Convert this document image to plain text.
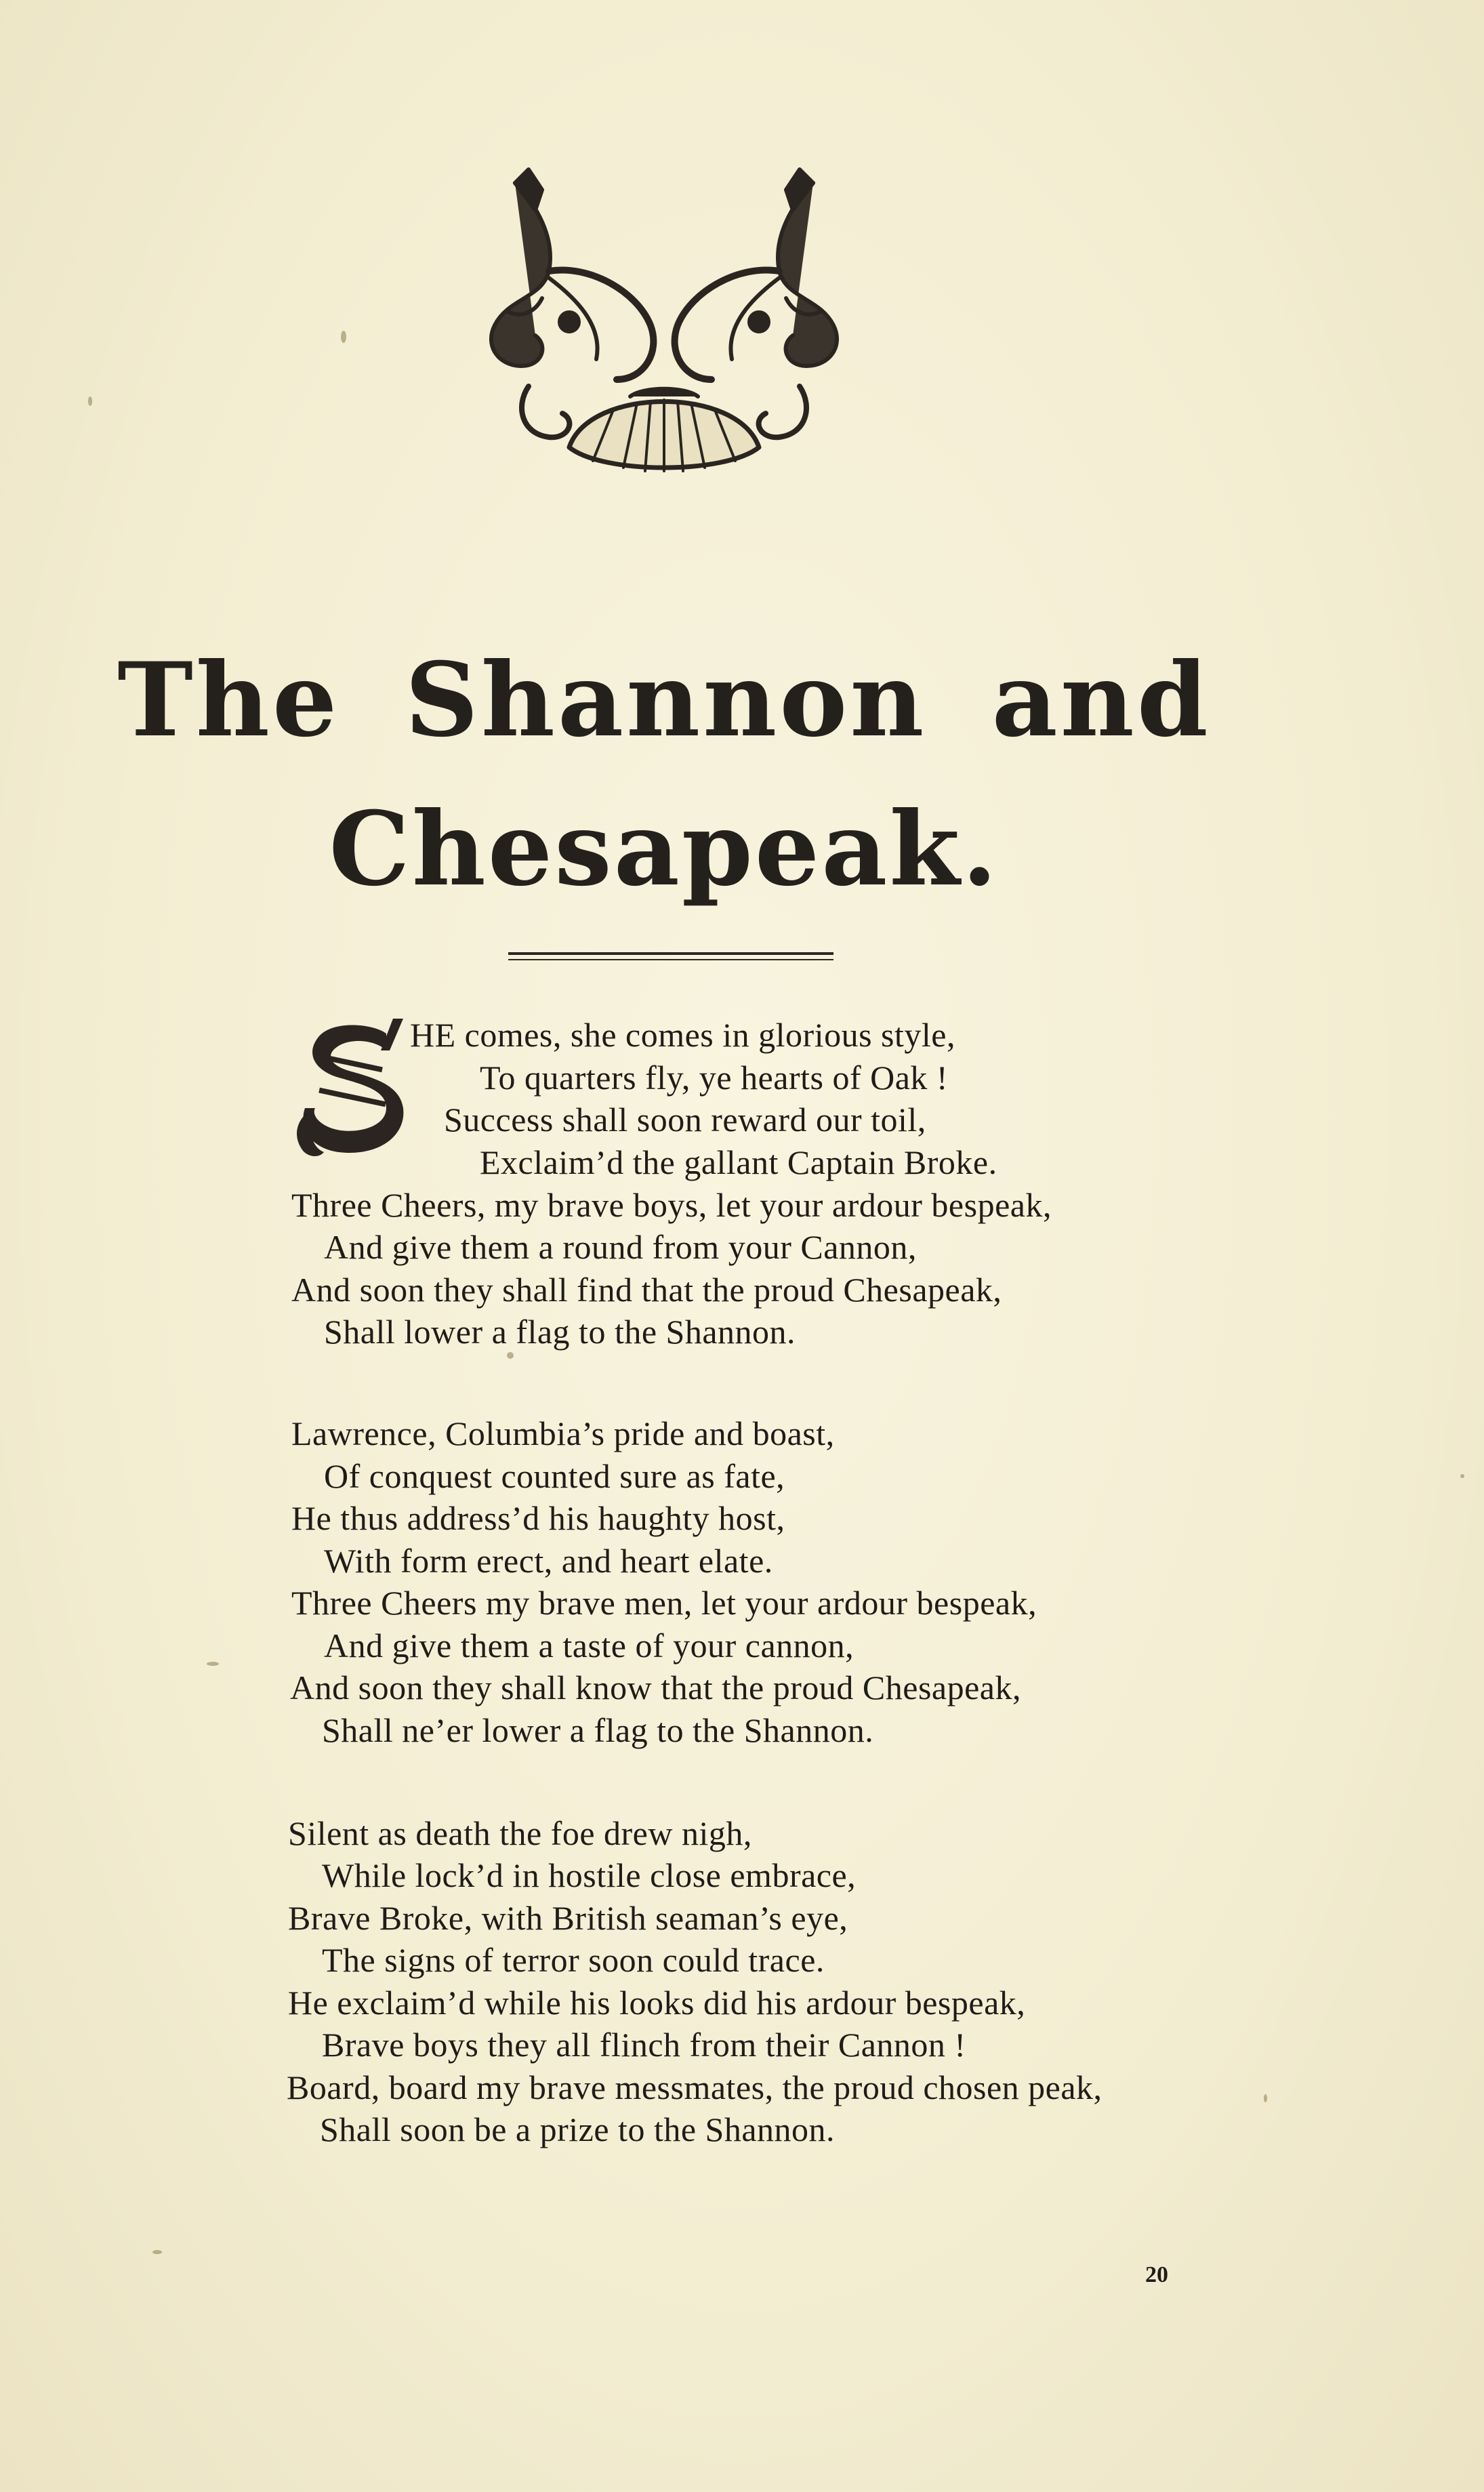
The Shannon and
Chesapeak.
HE comes, she comes in glorious style,
To quarters fly, ye hearts of Oak !
Success shall soon reward our toil,
Exclaim’d the gallant Captain Broke.
Three Cheers, my brave boys, let your ardour bespeak,
And give them a round from your Cannon,
And soon they shall find that the proud Chesapeak,
Shall lower a flag to the Shannon.
Lawrence, Columbia’s pride and boast,
Of conquest counted sure as fate,
He thus address’d his haughty host,
With form erect, and heart elate.
Three Cheers my brave men, let your ardour bespeak,
And give them a taste of your cannon,
And soon they shall know that the proud Chesapeak,
Shall ne’er lower a flag to the Shannon.
Silent as death the foe drew nigh,
While lock’d in hostile close embrace,
Brave Broke, with British seaman’s eye,
The signs of terror soon could trace.
He exclaim’d while his looks did his ardour bespeak,
Brave boys they all flinch from their Cannon !
Board, board my brave messmates, the proud chosen peak,
Shall soon be a prize to the Shannon.
20
